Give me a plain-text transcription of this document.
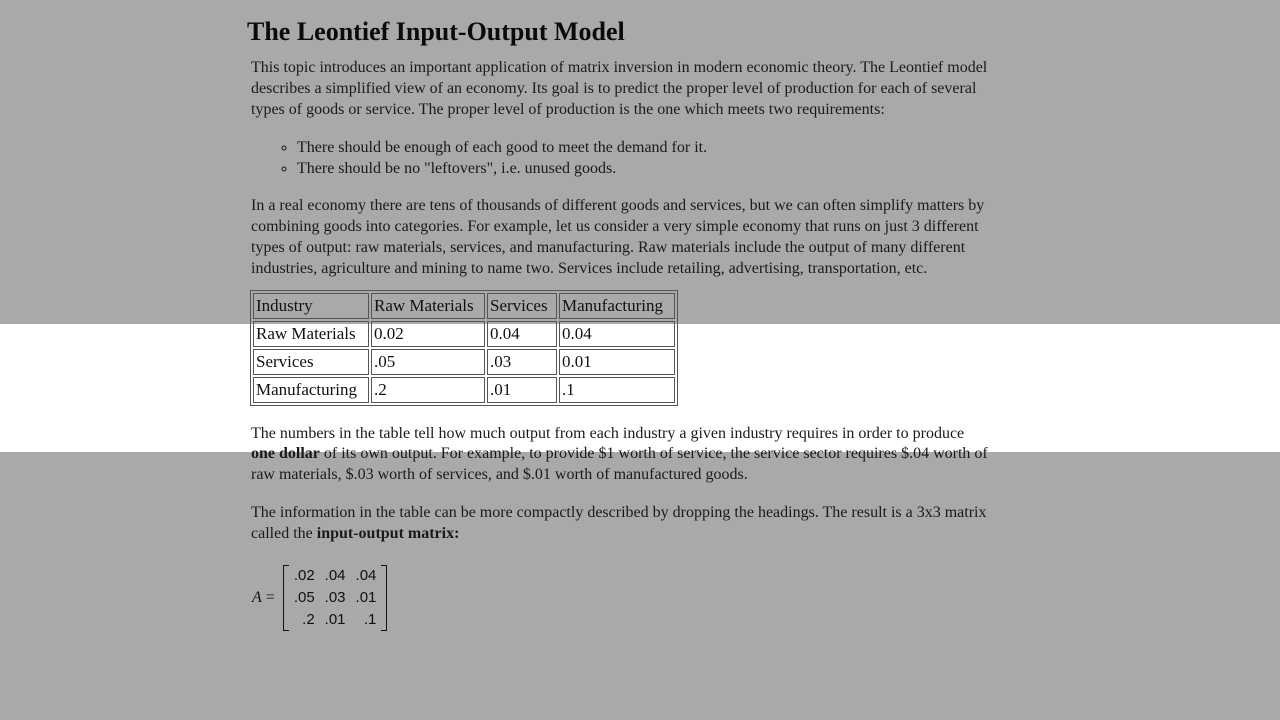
The Leontief Input-Output Model

This topic introduces an important application of matrix inversion in modern economic theory. The Leontief model describes a simplified view of an economy. Its goal is to predict the proper level of production for each of several types of goods or service. The proper level of production is the one which meets two requirements:

◦ There should be enough of each good to meet the demand for it.
◦ There should be no "leftovers", i.e. unused goods.

In a real economy there are tens of thousands of different goods and services, but we can often simplify matters by combining goods into categories. For example, let us consider a very simple economy that runs on just 3 different types of output: raw materials, services, and manufacturing. Raw materials include the output of many different industries, agriculture and mining to name two. Services include retailing, advertising, transportation, etc.

Industry	Raw Materials	Services	Manufacturing
Raw Materials	0.02	0.04	0.04
Services	.05	.03	0.01
Manufacturing	.2	.01	.1

The numbers in the table tell how much output from each industry a given industry requires in order to produce one dollar of its own output. For example, to provide $1 worth of service, the service sector requires $.04 worth of raw materials, $.03 worth of services, and $.01 worth of manufactured goods.

The information in the table can be more compactly described by dropping the headings. The result is a 3x3 matrix called the input-output matrix:

A =
.02	.04	.04
.05	.03	.01
.2	.01	.1
